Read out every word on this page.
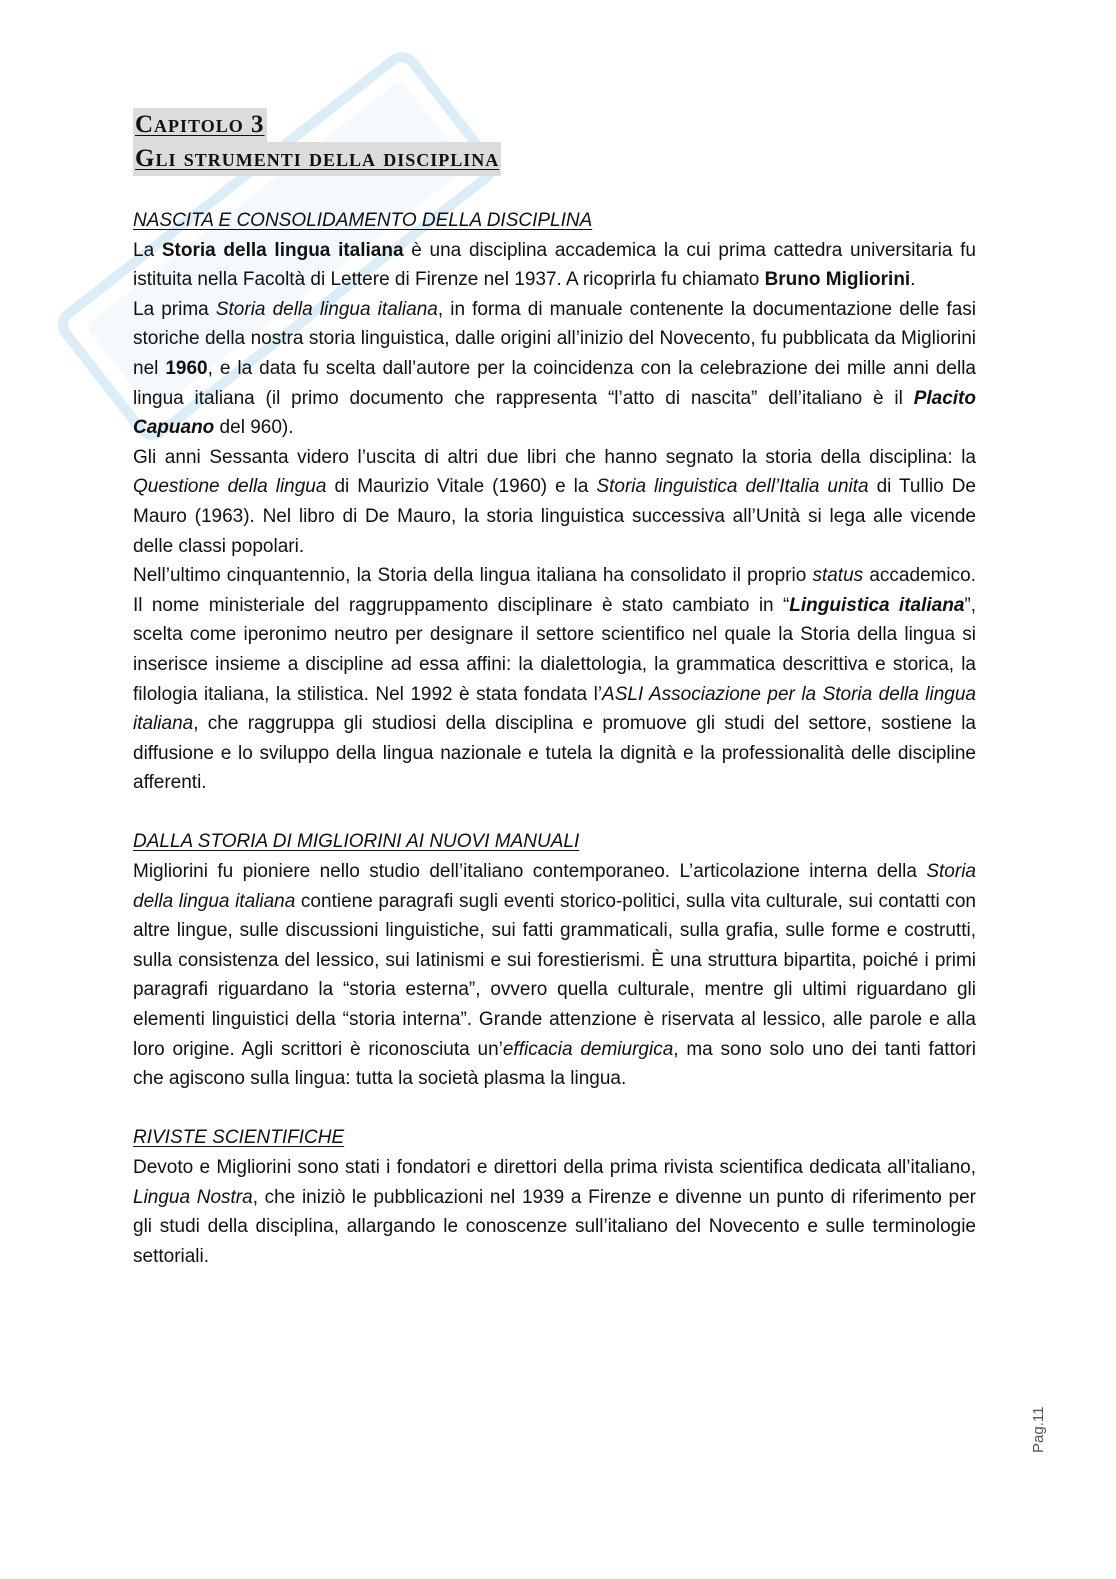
Capitolo 3
Gli strumenti della disciplina
NASCITA E CONSOLIDAMENTO DELLA DISCIPLINA

La Storia della lingua italiana è una disciplina accademica la cui prima cattedra universitaria fu istituita nella Facoltà di Lettere di Firenze nel 1937. A ricoprirla fu chiamato Bruno Migliorini.

La prima Storia della lingua italiana, in forma di manuale contenente la documentazione delle fasi storiche della nostra storia linguistica, dalle origini all’inizio del Novecento, fu pubblicata da Migliorini nel 1960, e la data fu scelta dall’autore per la coincidenza con la celebrazione dei mille anni della lingua italiana (il primo documento che rappresenta “l’atto di nascita” dell’italiano è il Placito Capuano del 960).

Gli anni Sessanta videro l’uscita di altri due libri che hanno segnato la storia della disciplina: la Questione della lingua di Maurizio Vitale (1960) e la Storia linguistica dell’Italia unita di Tullio De Mauro (1963). Nel libro di De Mauro, la storia linguistica successiva all’Unità si lega alle vicende delle classi popolari.

Nell’ultimo cinquantennio, la Storia della lingua italiana ha consolidato il proprio status accademico. Il nome ministeriale del raggruppamento disciplinare è stato cambiato in “Linguistica italiana”, scelta come iperonimo neutro per designare il settore scientifico nel quale la Storia della lingua si inserisce insieme a discipline ad essa affini: la dialettologia, la grammatica descrittiva e storica, la filologia italiana, la stilistica. Nel 1992 è stata fondata l’ASLI Associazione per la Storia della lingua italiana, che raggruppa gli studiosi della disciplina e promuove gli studi del settore, sostiene la diffusione e lo sviluppo della lingua nazionale e tutela la dignità e la professionalità delle discipline afferenti.

DALLA STORIA DI MIGLIORINI AI NUOVI MANUALI

Migliorini fu pioniere nello studio dell’italiano contemporaneo. L’articolazione interna della Storia della lingua italiana contiene paragrafi sugli eventi storico-politici, sulla vita culturale, sui contatti con altre lingue, sulle discussioni linguistiche, sui fatti grammaticali, sulla grafia, sulle forme e costrutti, sulla consistenza del lessico, sui latinismi e sui forestierismi. È una struttura bipartita, poiché i primi paragrafi riguardano la “storia esterna”, ovvero quella culturale, mentre gli ultimi riguardano gli elementi linguistici della “storia interna”. Grande attenzione è riservata al lessico, alle parole e alla loro origine. Agli scrittori è riconosciuta un’efficacia demiurgica, ma sono solo uno dei tanti fattori che agiscono sulla lingua: tutta la società plasma la lingua.

RIVISTE SCIENTIFICHE

Devoto e Migliorini sono stati i fondatori e direttori della prima rivista scientifica dedicata all’italiano, Lingua Nostra, che iniziò le pubblicazioni nel 1939 a Firenze e divenne un punto di riferimento per gli studi della disciplina, allargando le conoscenze sull’italiano del Novecento e sulle terminologie settoriali.

Pag.11
